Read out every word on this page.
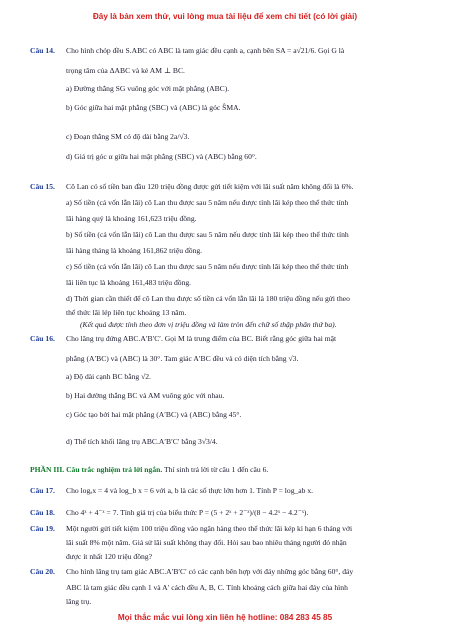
Đây là bản xem thử, vui lòng mua tài liệu để xem chi tiết (có lời giải)
Câu 14. Cho hình chóp đều S.ABC có ABC là tam giác đều cạnh a, cạnh bên SA = a√21/6. Gọi G là
trọng tâm của ΔABC và kẻ AM ⊥ BC.
a) Đường thẳng SG vuông góc với mặt phẳng (ABC).
b) Góc giữa hai mặt phẳng (SBC) và (ABC) là góc ŜMA.
c) Đoạn thẳng SM có độ dài bằng 2a/√3.
d) Giá trị góc α giữa hai mặt phẳng (SBC) và (ABC) bằng 60°.
Câu 15. Cô Lan có số tiền ban đầu 120 triệu đồng được gửi tiết kiệm với lãi suất năm không đổi là 6%.
a) Số tiền (cả vốn lẫn lãi) cô Lan thu được sau 5 năm nếu được tính lãi kép theo thể thức tính
lãi hàng quý là khoảng 161,623 triệu đồng.
b) Số tiền (cả vốn lẫn lãi) cô Lan thu được sau 5 năm nếu được tính lãi kép theo thể thức tính
lãi hàng tháng là khoảng 161,862 triệu đồng.
c) Số tiền (cả vốn lẫn lãi) cô Lan thu được sau 5 năm nếu được tính lãi kép theo thể thức tính
lãi liên tục là khoảng 161,483 triệu đồng.
d) Thời gian cần thiết để cô Lan thu được số tiền cả vốn lẫn lãi là 180 triệu đồng nếu gửi theo
thể thức lãi lép liên tục khoảng 13 năm.
(Kết quả được tính theo đơn vị triệu đồng và làm tròn đến chữ số thập phân thứ ba).
Câu 16. Cho lăng trụ đứng ABC.A′B′C′. Gọi M là trung điểm của BC. Biết rằng góc giữa hai mặt
phẳng (A′BC) và (ABC) là 30°. Tam giác A′BC đều và có diện tích bằng √3.
a) Độ dài cạnh BC bằng √2.
b) Hai đường thẳng BC và AM vuông góc với nhau.
c) Góc tạo bởi hai mặt phẳng (A′BC) và (ABC) bằng 45°.
d) Thể tích khối lăng trụ ABC.A′B′C′ bằng 3√3/4.
PHẦN III. Câu trắc nghiệm trả lời ngắn. Thí sinh trả lời từ câu 1 đến câu 6.
Câu 17. Cho logₐx = 4 và log_b x = 6 với a, b là các số thực lớn hơn 1. Tính P = log_ab x.
Câu 18. Cho 4ˣ + 4⁻ˣ = 7. Tính giá trị của biểu thức P = (5 + 2ˣ + 2⁻ˣ)/(8 − 4.2ˣ − 4.2⁻ˣ).
Câu 19. Một người gửi tiết kiệm 100 triệu đồng vào ngân hàng theo thể thức lãi kép kì hạn 6 tháng với
lãi suất 8% một năm. Giả sử lãi suất không thay đổi. Hỏi sau bao nhiêu tháng người đó nhận
được ít nhất 120 triệu đồng?
Câu 20. Cho hình lăng trụ tam giác ABC.A′B′C′ có các cạnh bên hợp với đáy những góc bằng 60°, đáy
ABC là tam giác đều cạnh 1 và A′ cách đều A, B, C. Tính khoảng cách giữa hai đáy của hình
lăng trụ.
Mọi thắc mắc vui lòng xin liên hệ hotline: 084 283 45 85
